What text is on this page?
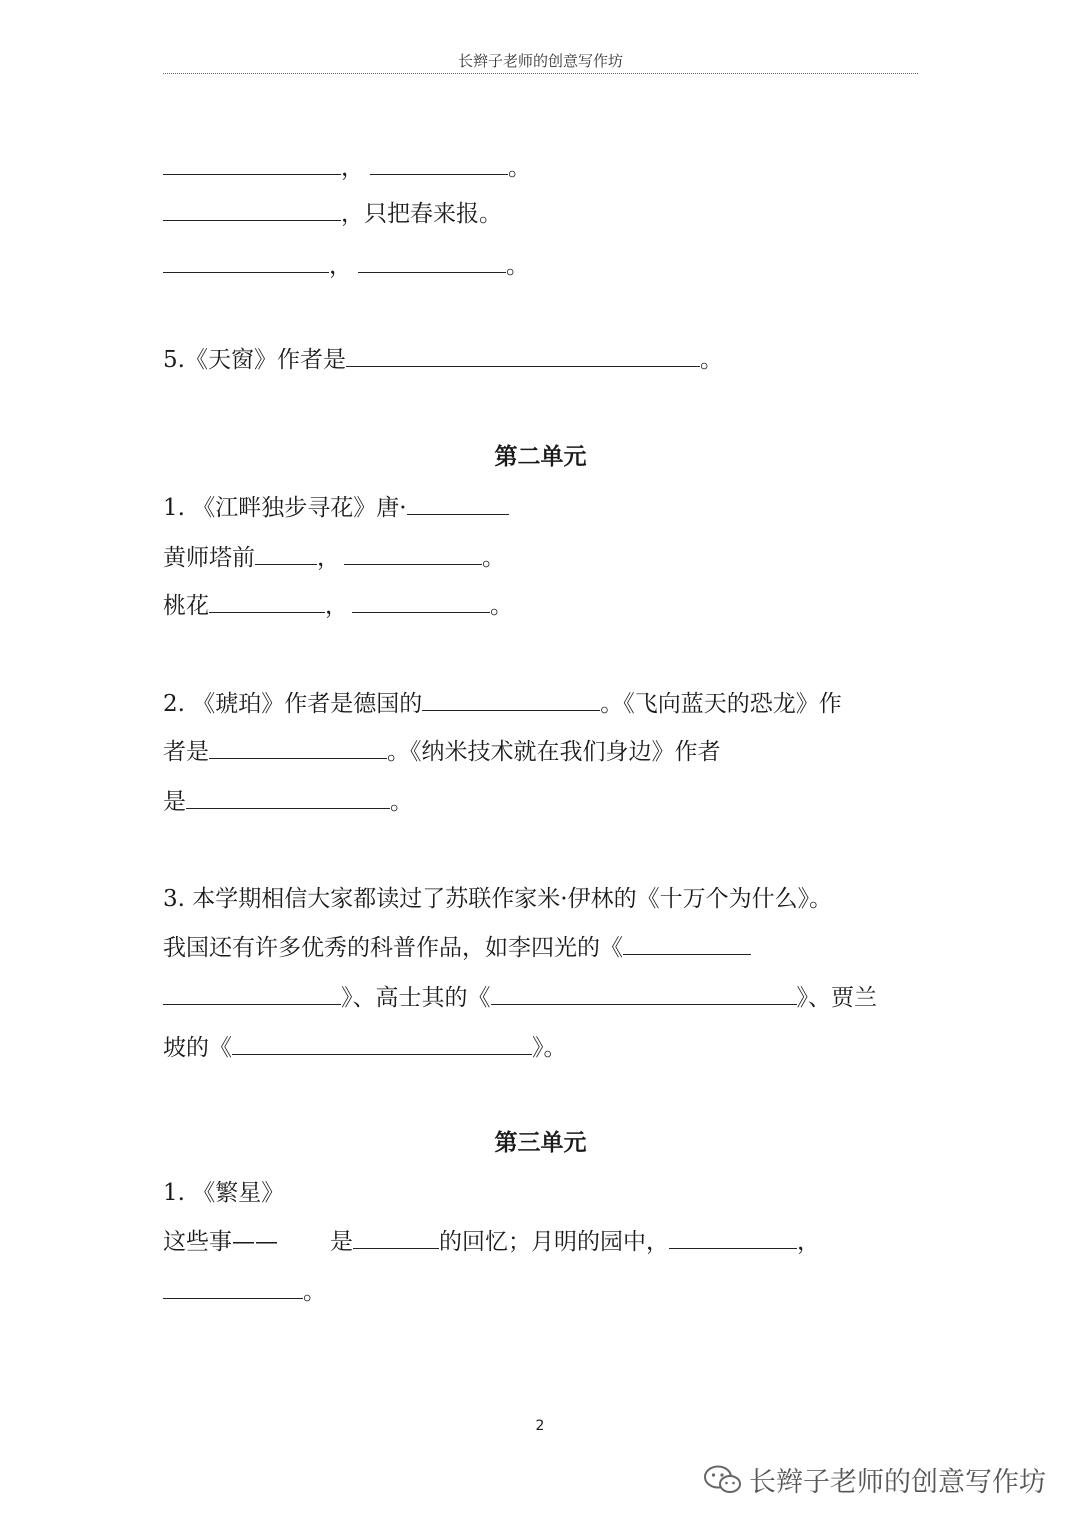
长辫子老师的创意写作坊
，	。
，只把春来报。
，	。
5.《天窗》作者是	。
第二单元
1. 《江畔独步寻花》唐·
黄师塔前	，	。
桃花	，	。
2. 《琥珀》作者是德国的	。《飞向蓝天的恐龙》作
者是	。《纳米技术就在我们身边》作者
是	。
3. 本学期相信大家都读过了苏联作家米·伊林的《十万个为什么》。
我国还有许多优秀的科普作品，如李四光的《
》、高士其的《	》、贾兰
坡的《	》。
第三单元
1. 《繁星》
这些事—— 是	的回忆；月明的园中，	，
。
2
长辫子老师的创意写作坊
